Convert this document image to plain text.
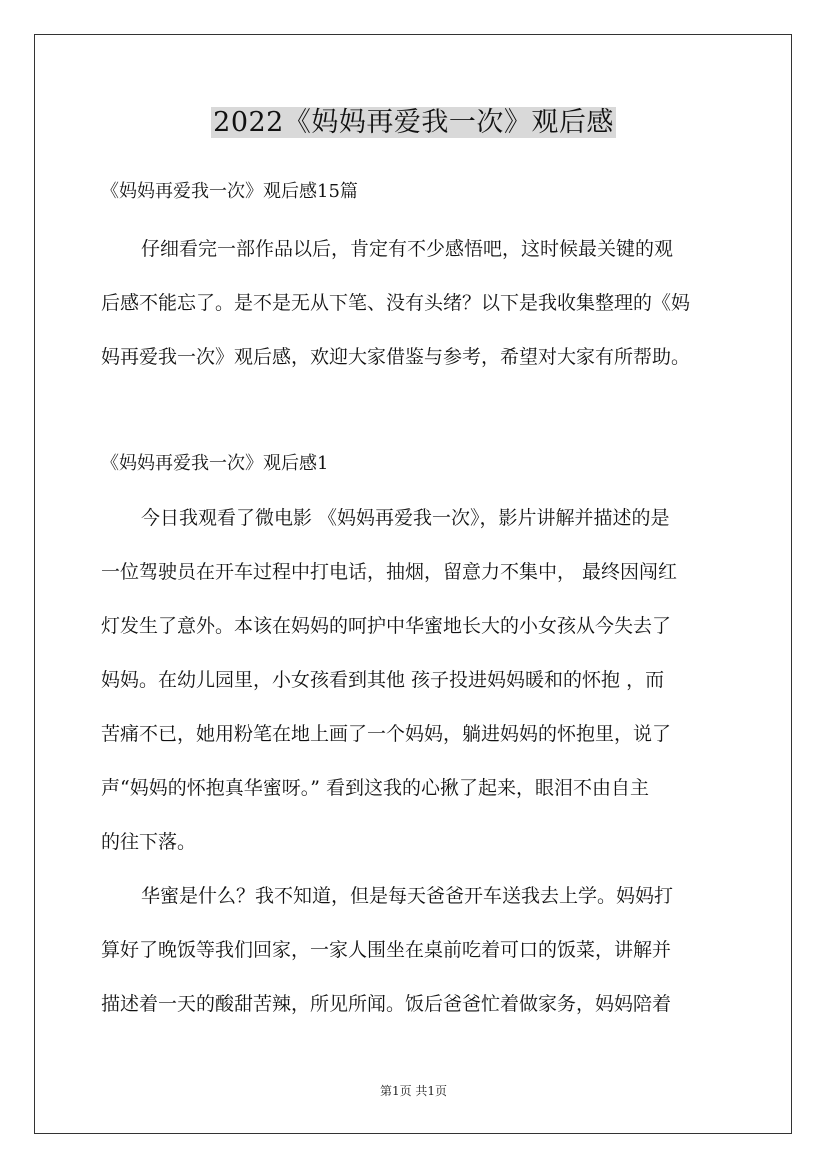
2022《妈妈再爱我一次》观后感
《妈妈再爱我一次》观后感15篇
仔细看完一部作品以后，肯定有不少感悟吧，这时候最关键的观
后感不能忘了。是不是无从下笔、没有头绪？以下是我收集整理的《妈
妈再爱我一次》观后感，欢迎大家借鉴与参考，希望对大家有所帮助。
《妈妈再爱我一次》观后感1
今日我观看了微电影 《妈妈再爱我一次》，影片讲解并描述的是
一位驾驶员在开车过程中打电话，抽烟，留意力不集中， 最终因闯红
灯发生了意外。本该在妈妈的呵护中华蜜地长大的小女孩从今失去了
妈妈。在幼儿园里，小女孩看到其他 孩子投进妈妈暖和的怀抱 ，而
苦痛不已，她用粉笔在地上画了一个妈妈，躺进妈妈的怀抱里，说了
声“妈妈的怀抱真华蜜呀。” 看到这我的心揪了起来，眼泪不由自主
的往下落。
华蜜是什么？我不知道，但是每天爸爸开车送我去上学。妈妈打
算好了晚饭等我们回家，一家人围坐在桌前吃着可口的饭菜，讲解并
描述着一天的酸甜苦辣，所见所闻。饭后爸爸忙着做家务，妈妈陪着
第1页 共1页
